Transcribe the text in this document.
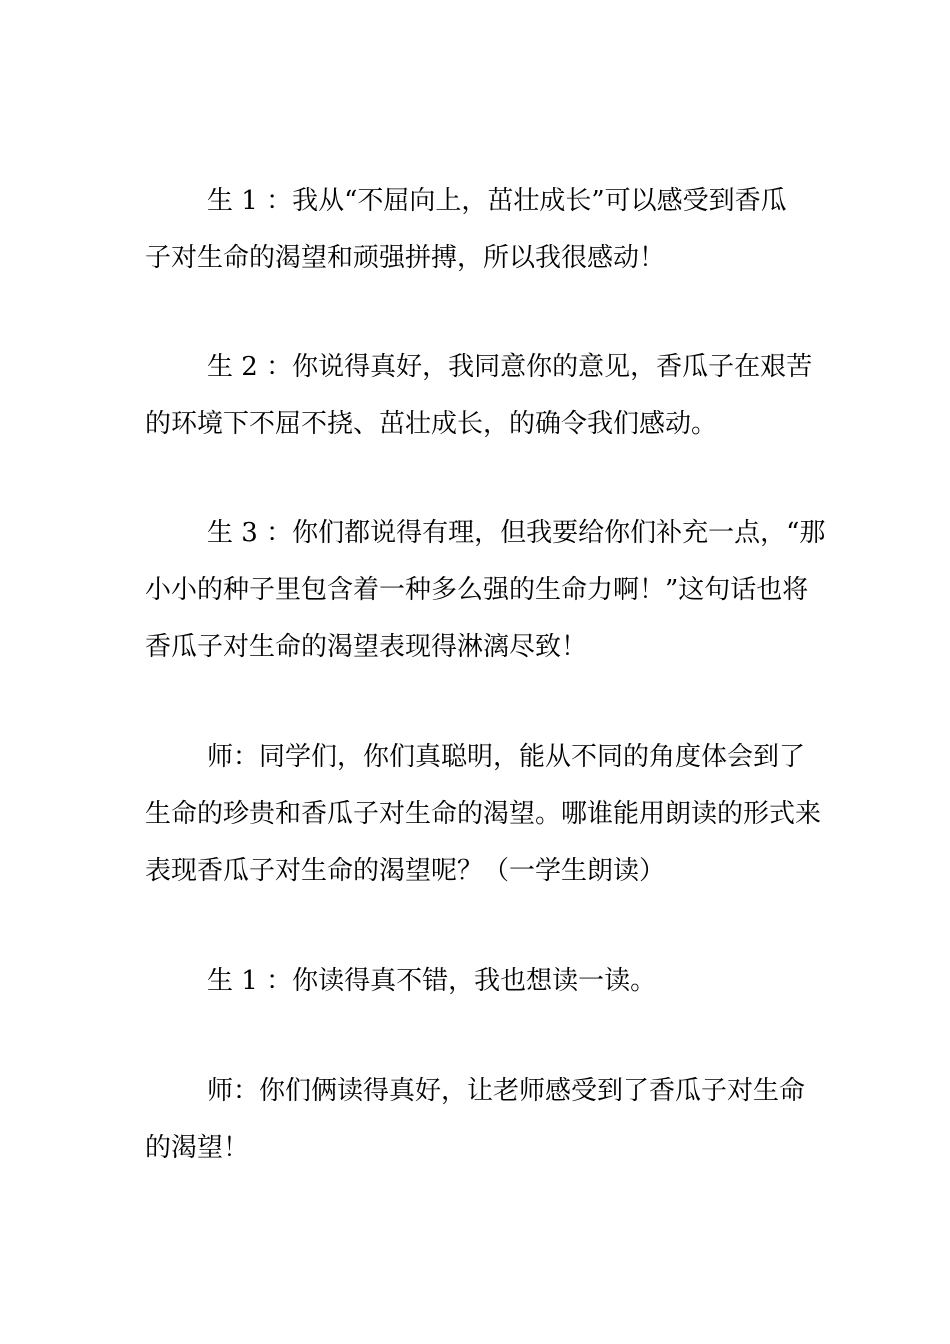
生 1 ：我从“不屈向上，茁壮成长”可以感受到香瓜
子对生命的渴望和顽强拼搏，所以我很感动！
生 2 ：你说得真好，我同意你的意见，香瓜子在艰苦
的环境下不屈不挠、茁壮成长，的确令我们感动。
生 3 ：你们都说得有理，但我要给你们补充一点，“那
小小的种子里包含着一种多么强的生命力啊！”这句话也将
香瓜子对生命的渴望表现得淋漓尽致！
师：同学们，你们真聪明，能从不同的角度体会到了
生命的珍贵和香瓜子对生命的渴望。哪谁能用朗读的形式来
表现香瓜子对生命的渴望呢？（一学生朗读）
生 1 ：你读得真不错，我也想读一读。
师：你们俩读得真好，让老师感受到了香瓜子对生命
的渴望！
